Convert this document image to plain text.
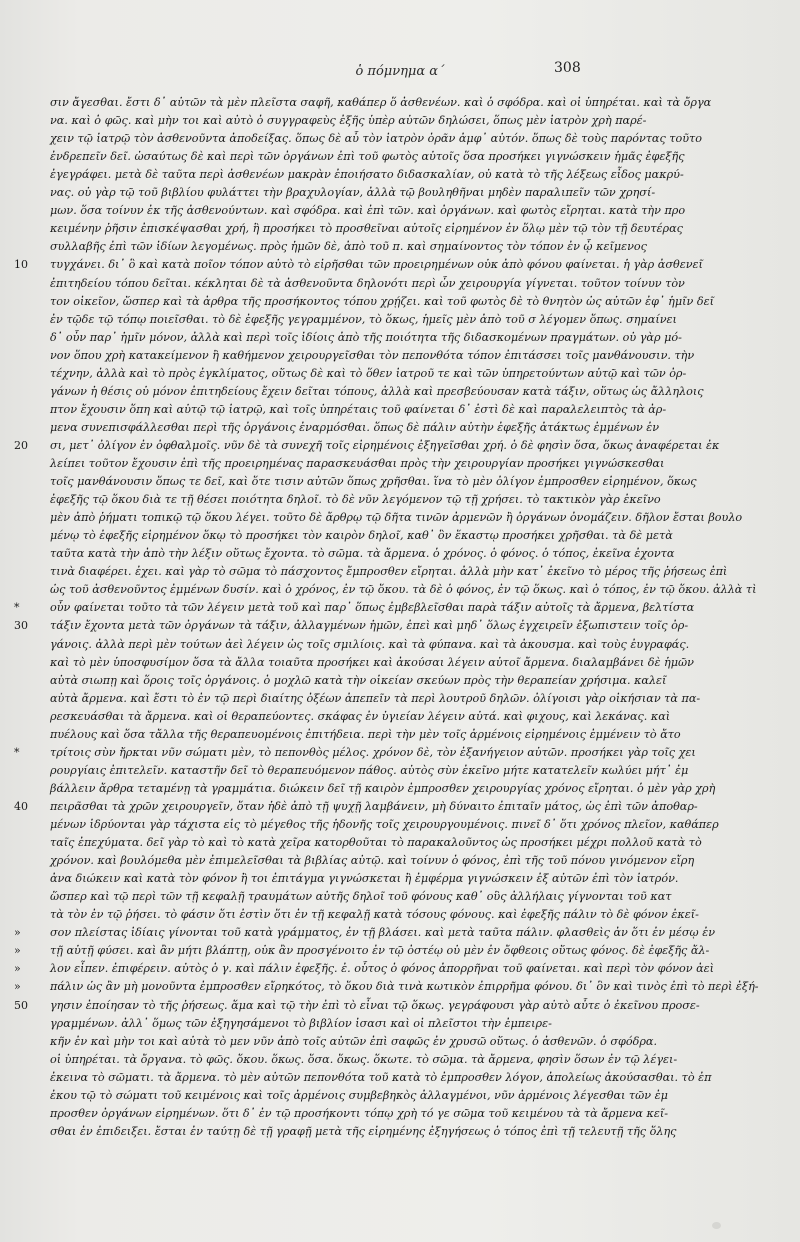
ὁ πόμνημα α΄	308
σιν ἄγεσθαι. ἔστι δ᾽ αὐτῶν τὰ μὲν πλεῖστα σαφῆ, καθάπερ ὅ ἀσθενέων. καὶ ὁ σφόδρα. καὶ οἱ ὑπηρέται. καὶ τὰ ὄργα
να. καὶ ὁ φῶς. καὶ μὴν τοι καὶ αὐτὸ ὁ συγγραφεὺς ἐξῆς ὑπὲρ αὐτῶν δηλώσει, ὅπως μὲν ἰατρὸν χρὴ παρέ-
χειν τῷ ἰατρῷ τὸν ἀσθενοῦντα ἀποδείξας. ὅπως δὲ αὖ τὸν ἰατρὸν ὁρᾶν ἀμφ᾽ αὐτόν. ὅπως δὲ τοὺς παρόντας τοῦτο
ἐνδρεπεῖν δεῖ. ὡσαύτως δὲ καὶ περὶ τῶν ὀργάνων ἐπὶ τοῦ φωτὸς αὐτοῖς ὅσα προσήκει γιγνώσκειν ἡμᾶς ἐφεξῆς
ἐγεγράφει. μετὰ δὲ ταῦτα περὶ ἀσθενέων μακρὰν ἐποιήσατο διδασκαλίαν, οὐ κατὰ τὸ τῆς λέξεως εἶδος μακρύ-
νας. οὐ γὰρ τῷ τοῦ βιβλίου φυλάττει τὴν βραχυλογίαν, ἀλλὰ τῷ βουληθῆναι μηδὲν παραλιπεῖν τῶν χρησί-
μων. ὅσα τοίνυν ἐκ τῆς ἀσθενούντων. καὶ σφόδρα. καὶ ἐπὶ τῶν. καὶ ὀργάνων. καὶ φωτὸς εἴρηται. κατὰ τὴν προ
κειμένην ῥῆσιν ἐπισκέψασθαι χρή, ἣ προσήκει τὸ προσθεῖναι αὐτοῖς εἰρημένον ἐν ὅλῳ μὲν τῷ τὸν τῇ δευτέρας
συλλαβῆς ἐπὶ τῶν ἰδίων λεγομένως. πρὸς ἡμῶν δὲ, ἀπὸ τοῦ π. καὶ σημαίνοντος τὸν τόπον ἐν ᾧ κεῖμενος
τυγχάνει. δι᾽ ὃ καὶ κατὰ ποῖον τόπον αὐτὸ τὸ εἰρῆσθαι τῶν προειρημένων οὐκ ἀπὸ φόνου φαίνεται. ἡ γὰρ ἀσθενεῖ
ἐπιτηδείου τόπου δεῖται. κέκληται δὲ τὰ ἀσθενοῦντα δηλονότι περὶ ὧν χειρουργία γίγνεται. τοῦτον τοίνυν τὸν
τον οἰκεῖον, ὥσπερ καὶ τὰ ἀρθρα τῆς προσήκοντος τόπου χρῄζει. καὶ τοῦ φωτὸς δὲ τὸ θνητὸν ὡς αὐτῶν ἐφ᾽ ἡμῖν δεῖ
ἐν τῷδε τῷ τόπῳ ποιεῖσθαι. τὸ δὲ ἐφεξῆς γεγραμμένον, τὸ ὅκως, ἡμεῖς μὲν ἀπὸ τοῦ σ λέγομεν ὅπως. σημαίνει
δ᾽ οὖν παρ᾽ ἡμῖν μόνον, ἀλλὰ καὶ περὶ τοῖς ἰδίοις ἀπὸ τῆς ποιότητα τῆς διδασκομένων πραγμάτων. οὐ γὰρ μό-
νον ὅπου χρὴ κατακείμενον ἢ καθήμενον χειρουργεῖσθαι τὸν πεπονθότα τόπον ἐπιτάσσει τοῖς μανθάνουσιν. τὴν
τέχνην, ἀλλὰ καὶ τὸ πρὸς ἐγκλίματος, οὕτως δὲ καὶ τὸ ὅθεν ἰατροῦ τε καὶ τῶν ὑπηρετούντων αὐτῷ καὶ τῶν ὀρ-
γάνων ἡ θέσις οὐ μόνον ἐπιτηδείους ἔχειν δεῖται τόπους, ἀλλὰ καὶ πρεσβεύουσαν κατὰ τάξιν, οὕτως ὡς ἄλληλοις
πτον ἔχουσιν ὅπη καὶ αὐτῷ τῷ ἰατρῷ, καὶ τοῖς ὑπηρέταις τοῦ φαίνεται δ᾽ ἐστὶ δὲ καὶ παραλελειπτὸς τὰ ἀρ-
μενα συνεπισφάλλεσθαι περὶ τῆς ὀργάνοις ἐναρμόσθαι. ὅπως δὲ πάλιν αὐτὴν ἐφεξῆς ἀτάκτως ἐμμένων ἐν
σι, μετ᾽ ὀλίγον ἐν ὀφθαλμοῖς. νῦν δὲ τὰ συνεχῆ τοῖς εἰρημένοις ἐξηγεῖσθαι χρή. ὁ δὲ φησὶν ὅσα, ὅκως ἀναφέρεται ἐκ
λείπει τοῦτον ἔχουσιν ἐπὶ τῆς προειρημένας παρασκευάσθαι πρὸς τὴν χειρουργίαν προσήκει γιγνώσκεσθαι
τοῖς μανθάνουσιν ὅπως τε δεῖ, καὶ ὅτε τισιν αὐτῶν ὅπως χρῆσθαι. ἵνα τὸ μὲν ὀλίγον ἐμπροσθεν εἰρημένον, ὅκως
ἐφεξῆς τῷ ὅκου διὰ τε τῇ θέσει ποιότητα δηλοῖ. τὸ δὲ νῦν λεγόμενον τῷ τῇ χρήσει. τὸ τακτικὸν γὰρ ἐκεῖνο
μὲν ἀπὸ ῥήματι τοπικῷ τῷ ὅκου λέγει. τοῦτο δὲ ἄρθρῳ τῷ δῆτα τινῶν ἀρμενῶν ἢ ὀργάνων ὀνομάζειν. δῆλον ἔσται βουλο
μένῳ τὸ ἐφεξῆς εἰρημένον ὅκῳ τὸ προσήκει τὸν καιρὸν δηλοῖ, καθ᾽ ὃν ἕκαστῳ προσήκει χρῆσθαι. τὰ δὲ μετὰ
ταῦτα κατὰ τὴν ἀπὸ τὴν λέξιν οὕτως ἔχοντα. τὸ σῶμα. τὰ ἄρμενα. ὁ χρόνος. ὁ φόνος. ὁ τόπος, ἐκεῖνα ἐχοντα
τινὰ διαφέρει. ἐχει. καὶ γὰρ τὸ σῶμα τὸ πάσχοντος ἔμπροσθεν εἴρηται. ἀλλὰ μὴν κατ᾽ ἐκεῖνο τὸ μέρος τῆς ῥήσεως ἐπὶ
ὡς τοῦ ἀσθενοῦντος ἐμμένων δυσίν. καὶ ὁ χρόνος, ἐν τῷ ὅκου. τὰ δὲ ὁ φόνος, ἐν τῷ ὅκως. καὶ ὁ τόπος, ἐν τῷ ὅκου. ἀλλὰ τὶ
οὗν φαίνεται τοῦτο τὰ τῶν λέγειν μετὰ τοῦ καὶ παρ᾽ ὅπως ἐμβεβλεῖσθαι παρὰ τάξιν αὐτοῖς τὰ ἄρμενα, βελτίστα
τάξιν ἔχοντα μετὰ τῶν ὀργάνων τὰ τάξιν, ἀλλαγμένων ἡμῶν, ἐπεὶ καὶ μηδ᾽ ὅλως ἐγχειρεῖν ἐξωπιστειν τοῖς ὀρ-
γάνοις. ἀλλὰ περὶ μὲν τούτων ἀεὶ λέγειν ὡς τοῖς σμιλίοις. καὶ τὰ φύπανα. καὶ τὰ ἀκουσμα. καὶ τοὺς ἐυγραφάς.
καὶ τὸ μὲν ὑποσφυσίμον ὅσα τὰ ἄλλα τοιαῦτα προσήκει καὶ ἀκούσαι λέγειν αὐτοῖ ἄρμενα. διαλαμβάνει δὲ ἡμῶν
αὐτὰ σιωπῃ καὶ ὅροις τοῖς ὀργάνοις. ὁ μοχλῶ κατὰ τὴν οἰκείαν σκεύων πρὸς τὴν θεραπείαν χρήσιμα. καλεῖ
αὐτὰ ἄρμενα. καὶ ἔστι τὸ ἐν τῷ περὶ διαίτης ὀξέων ἀπεπεῖν τὰ περὶ λουτροῦ δηλῶν. ὀλίγοισι γὰρ οἰκήσιαν τὰ πα-
ρεσκευάσθαι τὰ ἄρμενα. καὶ οἱ θεραπεύοντες. σκάφας ἐν ὑγιείαν λέγειν αὐτά. καὶ φιχους, καὶ λεκάνας. καὶ
πυέλους καὶ ὅσα τἄλλα τῆς θεραπευομένοις ἐπιτήδεια. περὶ τὴν μὲν τοῖς ἀρμένοις εἰρημένοις ἐμμένειν τὸ ἄτο
τρίτοις σὺν ἤρκται νῦν σώματι μὲν, τὸ πεπονθὸς μέλος. χρόνον δὲ, τὸν ἐξανήγειον αὐτῶν. προσήκει γὰρ τοῖς χει
ρουργίαις ἐπιτελεῖν. καταστῆν δεῖ τὸ θεραπευόμενον πάθος. αὐτὸς σὺν ἐκεῖνο μήτε κατατελεῖν κωλύει μήτ᾽ ἐμ
βάλλειν ἄρθρα τεταμένῃ τὰ γραμμάτια. διώκειν δεῖ τῇ καιρὸν ἐμπροσθεν χειρουργίας χρόνος εἴρηται. ὁ μὲν γὰρ χρὴ
πειρᾶσθαι τὰ χρῶν χειρουργεῖν, ὅταν ἡδὲ ἀπὸ τῇ ψυχῇ λαμβάνειν, μὴ δύναιτο ἐπιταῖν μάτος, ὡς ἐπὶ τῶν ἀποθαρ-
μένων ἰδρύονται γὰρ τάχιστα εἰς τὸ μέγεθος τῆς ἡδονῆς τοῖς χειρουργουμένοις. πινεῖ δ᾽ ὅτι χρόνος πλεῖον, καθάπερ
ταῖς ἐπεχύματα. δεῖ γὰρ τὸ καὶ τὸ κατὰ χεῖρα κατορθοῦται τὸ παρακαλοῦντος ὡς προσήκει μέχρι πολλοῦ κατὰ τὸ
χρόνον. καὶ βουλόμεθα μὲν ἐπιμελεῖσθαι τὰ βιβλίας αὐτῷ. καὶ τοίνυν ὁ φόνος, ἐπὶ τῆς τοῦ πόνου γινόμενον εἴρη
ἀνα διώκειν καὶ κατὰ τὸν φόνον ἢ τοι ἐπιτάγμα γιγνώσκεται ἢ ἐμφέρμα γιγνώσκειν ἐξ αὐτῶν ἐπὶ τὸν ἰατρόν.
ὥσπερ καὶ τῷ περὶ τῶν τῇ κεφαλῇ τραυμάτων αὐτῆς δηλοῖ τοῦ φόνους καθ᾽ οὓς ἀλλήλαις γίγνονται τοῦ κατ
τὰ τὸν ἐν τῷ ῥήσει. τὸ φάσιν ὅτι ἐστὶν ὅτι ἐν τῇ κεφαλῇ κατὰ τόσους φόνους. καὶ ἐφεξῆς πάλιν τὸ δὲ φόνον ἐκεῖ-
σον πλείστας ἰδίαις γίνονται τοῦ κατὰ γράμματος, ἐν τῇ βλάσει. καὶ μετὰ ταῦτα πάλιν. φλασθεὶς ἀν ὅτι ἐν μέσῳ ἐν
τῇ αὐτῇ φύσει. καὶ ἂν μήτι βλάπτῃ, οὐκ ἂν προσγένοιτο ἐν τῷ ὀστέῳ οὐ μὲν ἐν ὄφθεοις οὕτως φόνος. δὲ ἐφεξῆς ἄλ-
λον εἶπεν. ἐπιφέρειν. αὐτὸς ὁ γ. καὶ πάλιν ἐφεξῆς. ἐ. οὗτος ὁ φόνος ἀπορρῆναι τοῦ φαίνεται. καὶ περὶ τὸν φόνον ἀεὶ
πάλιν ὡς ἂν μὴ μονοῦντα ἐμπροσθεν εἴρηκότος, τὸ ὅκου διὰ τινὰ κωτικὸν ἐπιρρῆμα φόνου. δι᾽ ὃν καὶ τινὸς ἐπὶ τὸ περὶ ἐξή-
γησιν ἐποίησαν τὸ τῆς ῥήσεως. ἅμα καὶ τῷ τὴν ἐπὶ τὸ εἶναι τῷ ὅκως. γεγράφουσι γὰρ αὐτὸ αὖτε ὁ ἐκεῖνου προσε-
γραμμένων. ἀλλ᾽ ὅμως τῶν ἐξηγησάμενοι τὸ βιβλίον ἰσασι καὶ οἱ πλεῖστοι τὴν ἐμπειρε-
κῆν ἐν καὶ μὴν τοι καὶ αὐτὰ τὸ μεν νῦν ἀπὸ τοῖς αὐτῶν ἐπὶ σαφῶς ἐν χρυσῶ οὕτως. ὁ ἀσθενῶν. ὁ σφόδρα.
οἱ ὑπηρέται. τὰ ὄργανα. τὸ φῶς. ὅκου. ὅκως. ὅσα. ὅκως. ὅκωτε. τὸ σῶμα. τὰ ἄρμενα, φησὶν ὅσων ἐν τῷ λέγει-
ἐκεινα τὸ σῶματι. τὰ ἄρμενα. τὸ μὲν αὐτῶν πεπονθότα τοῦ κατὰ τὸ ἐμπροσθεν λόγον, ἀπολείως ἀκούσασθαι. τὸ ἐπ
ἐκου τῷ τὸ σώματι τοῦ κειμένοις καὶ τοῖς ἀρμένοις συμβεβηκὸς ἀλλαγμένοι, νῦν ἀρμένοις λέγεσθαι τῶν ἐμ
προσθεν ὀργάνων εἰρημένων. ὅτι δ᾽ ἐν τῷ προσήκοντι τόπῳ χρὴ τό γε σῶμα τοῦ κειμένου τὰ τὰ ἄρμενα κεῖ-
σθαι ἐν ἐπιδειξει. ἔσται ἐν ταύτῃ δὲ τῇ γραφῇ μετὰ τῆς εἰρημένης ἐξηγήσεως ὁ τόπος ἐπὶ τῇ τελευτῇ τῆς ὅλης
10
20
*
30
*
40
»
»
»
»
50
